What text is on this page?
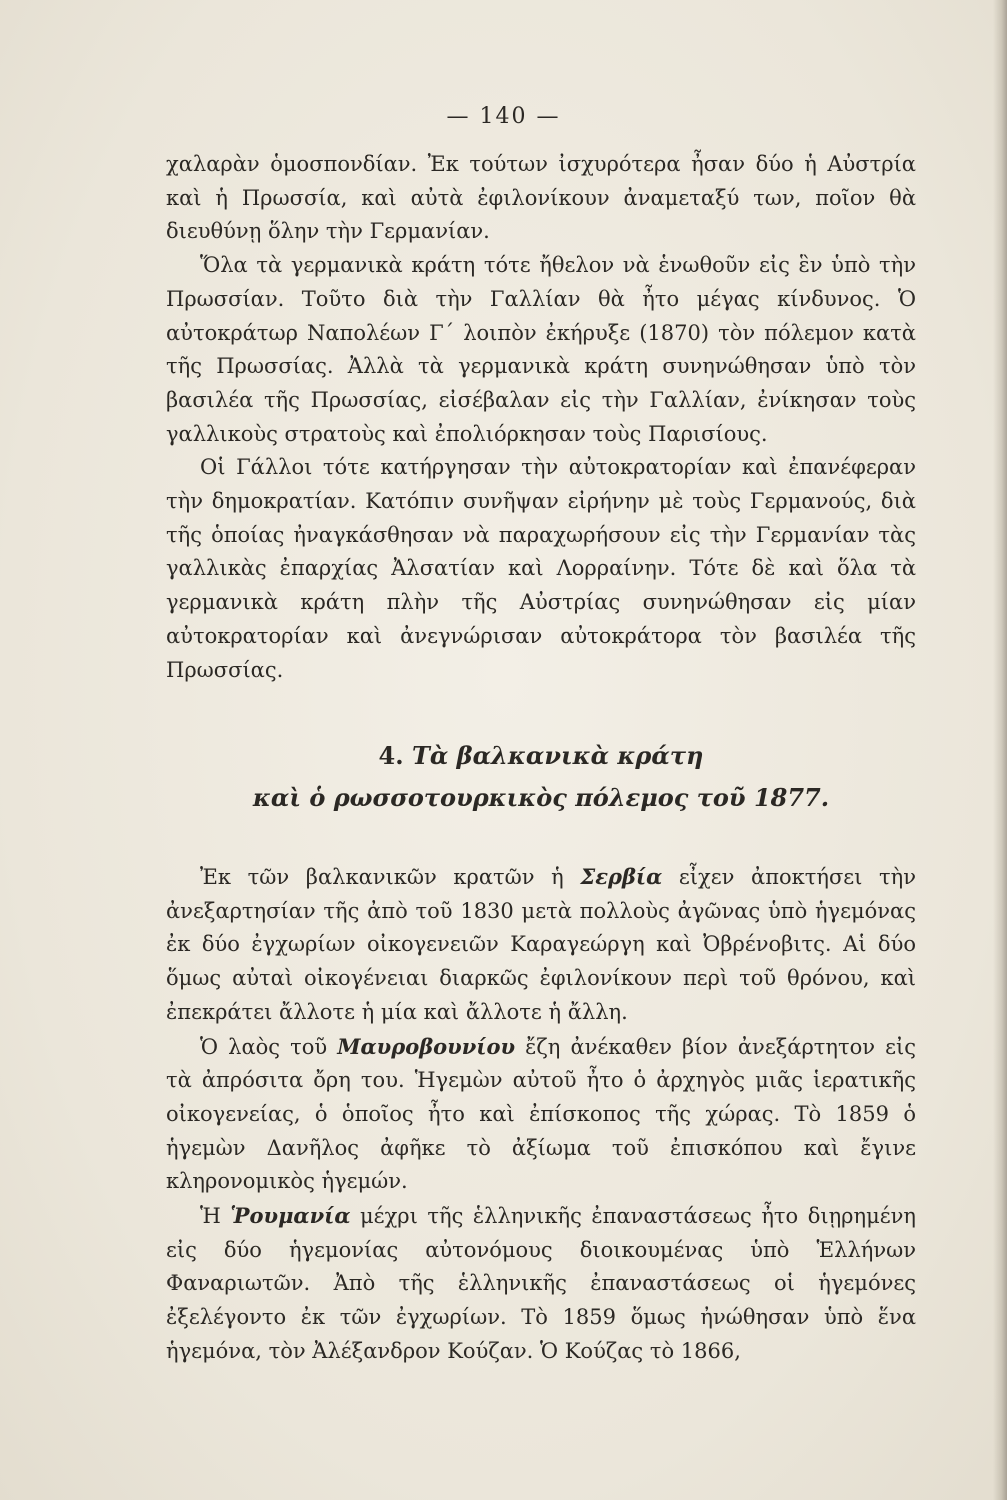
— 140 —

χαλαρὰν ὁμοσπονδίαν. Ἐκ τούτων ἰσχυρότερα ἦσαν δύο ἡ Αὐστρία καὶ ἡ Πρωσσία, καὶ αὐτὰ ἐφιλονίκουν ἀναμεταξύ των, ποῖον θὰ διευθύνῃ ὅλην τὴν Γερμανίαν.

Ὅλα τὰ γερμανικὰ κράτη τότε ἤθελον νὰ ἑνωθοῦν εἰς ἓν ὑπὸ τὴν Πρωσσίαν. Τοῦτο διὰ τὴν Γαλλίαν θὰ ἦτο μέγας κίνδυνος. Ὁ αὐτοκράτωρ Ναπολέων Γ΄ λοιπὸν ἐκήρυξε (1870) τὸν πόλεμον κατὰ τῆς Πρωσσίας. Ἀλλὰ τὰ γερμανικὰ κράτη συνηνώθησαν ὑπὸ τὸν βασιλέα τῆς Πρωσσίας, εἰσέβαλαν εἰς τὴν Γαλλίαν, ἐνίκησαν τοὺς γαλλικοὺς στρατοὺς καὶ ἐπολιόρκησαν τοὺς Παρισίους.

Οἱ Γάλλοι τότε κατήργησαν τὴν αὐτοκρατορίαν καὶ ἐπανέφεραν τὴν δημοκρατίαν. Κατόπιν συνῆψαν εἰρήνην μὲ τοὺς Γερμανούς, διὰ τῆς ὁποίας ἠναγκάσθησαν νὰ παραχωρήσουν εἰς τὴν Γερμανίαν τὰς γαλλικὰς ἐπαρχίας Ἀλσατίαν καὶ Λορραίνην. Τότε δὲ καὶ ὅλα τὰ γερμανικὰ κράτη πλὴν τῆς Αὐστρίας συνηνώθησαν εἰς μίαν αὐτοκρατορίαν καὶ ἀνεγνώρισαν αὐτοκράτορα τὸν βασιλέα τῆς Πρωσσίας.

4. Τὰ βαλκανικὰ κράτη
καὶ ὁ ρωσσοτουρκικὸς πόλεμος τοῦ 1877.

Ἐκ τῶν βαλκανικῶν κρατῶν ἡ Σερβία εἶχεν ἀποκτήσει τὴν ἀνεξαρτησίαν τῆς ἀπὸ τοῦ 1830 μετὰ πολλοὺς ἀγῶνας ὑπὸ ἡγεμόνας ἐκ δύο ἐγχωρίων οἰκογενειῶν Καραγεώργη καὶ Ὀβρένοβιτς. Αἱ δύο ὅμως αὐταὶ οἰκογένειαι διαρκῶς ἐφιλονίκουν περὶ τοῦ θρόνου, καὶ ἐπεκράτει ἄλλοτε ἡ μία καὶ ἄλλοτε ἡ ἄλλη.

Ὁ λαὸς τοῦ Μαυροβουνίου ἔζη ἀνέκαθεν βίον ἀνεξάρτητον εἰς τὰ ἀπρόσιτα ὄρη του. Ἡγεμὼν αὐτοῦ ἦτο ὁ ἀρχηγὸς μιᾶς ἱερατικῆς οἰκογενείας, ὁ ὁποῖος ἦτο καὶ ἐπίσκοπος τῆς χώρας. Τὸ 1859 ὁ ἡγεμὼν Δανῆλος ἀφῆκε τὸ ἀξίωμα τοῦ ἐπισκόπου καὶ ἔγινε κληρονομικὸς ἡγεμών.

Ἡ Ῥουμανία μέχρι τῆς ἑλληνικῆς ἐπαναστάσεως ἦτο διῃρημένη εἰς δύο ἡγεμονίας αὐτονόμους διοικουμένας ὑπὸ Ἑλλήνων Φαναριωτῶν. Ἀπὸ τῆς ἑλληνικῆς ἐπαναστάσεως οἱ ἡγεμόνες ἐξελέγοντο ἐκ τῶν ἐγχωρίων. Τὸ 1859 ὅμως ἠνώθησαν ὑπὸ ἕνα ἡγεμόνα, τὸν Ἀλέξανδρον Κούζαν. Ὁ Κούζας τὸ 1866,
